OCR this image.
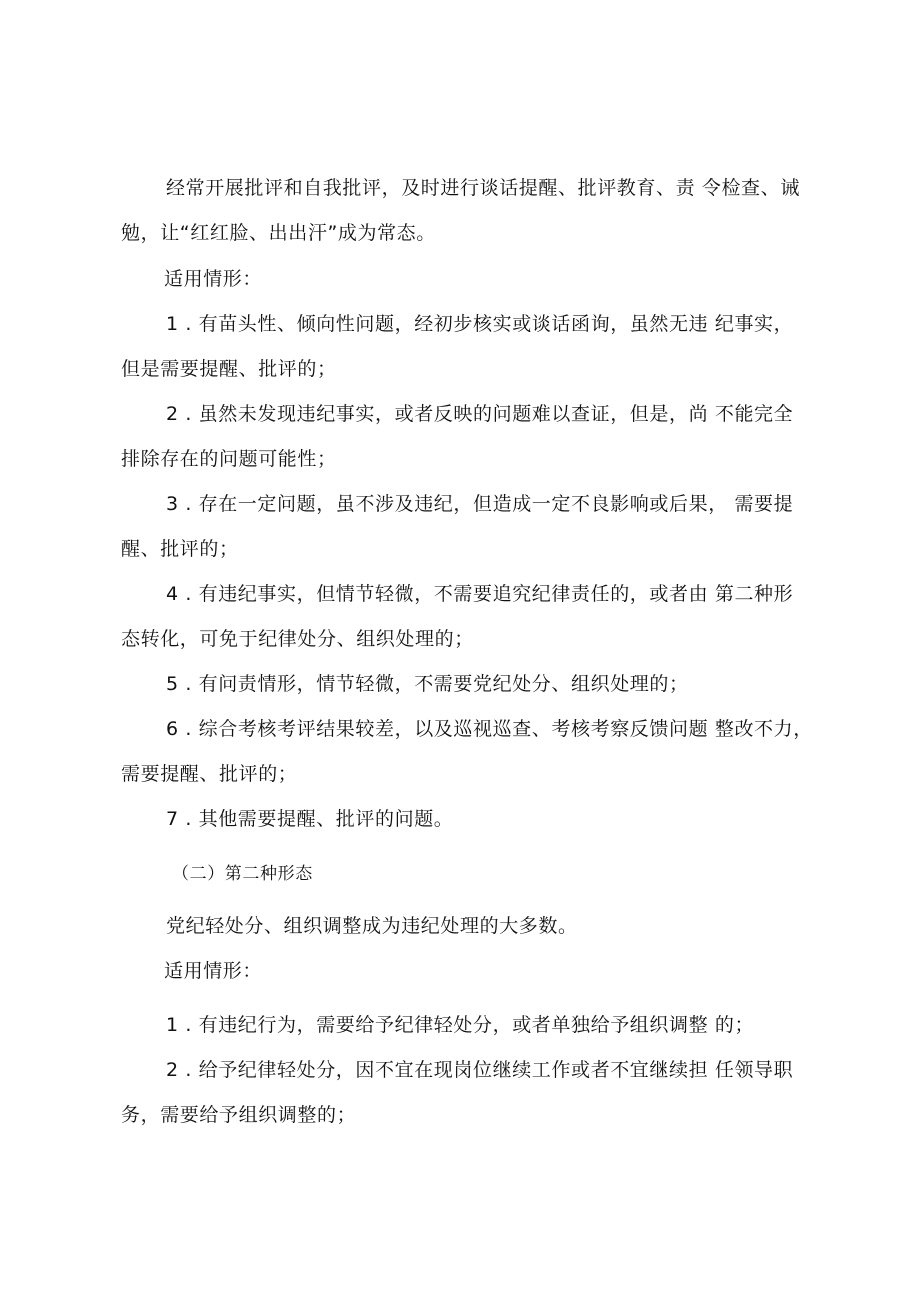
经常开展批评和自我批评，及时进行谈话提醒、批评教育、责 令检查、诫
勉，让“红红脸、出出汗”成为常态。
适用情形：
1 . 有苗头性、倾向性问题，经初步核实或谈话函询，虽然无违 纪事实，
但是需要提醒、批评的；
2 . 虽然未发现违纪事实，或者反映的问题难以查证，但是，尚 不能完全
排除存在的问题可能性；
3 . 存在一定问题，虽不涉及违纪，但造成一定不良影响或后果， 需要提
醒、批评的；
4 . 有违纪事实，但情节轻微，不需要追究纪律责任的，或者由 第二种形
态转化，可免于纪律处分、组织处理的；
5 . 有问责情形，情节轻微，不需要党纪处分、组织处理的；
6 . 综合考核考评结果较差，以及巡视巡查、考核考察反馈问题 整改不力，
需要提醒、批评的；
7 . 其他需要提醒、批评的问题。
（二）第二种形态
党纪轻处分、组织调整成为违纪处理的大多数。
适用情形：
1 . 有违纪行为，需要给予纪律轻处分，或者单独给予组织调整 的；
2 . 给予纪律轻处分，因不宜在现岗位继续工作或者不宜继续担 任领导职
务，需要给予组织调整的；
